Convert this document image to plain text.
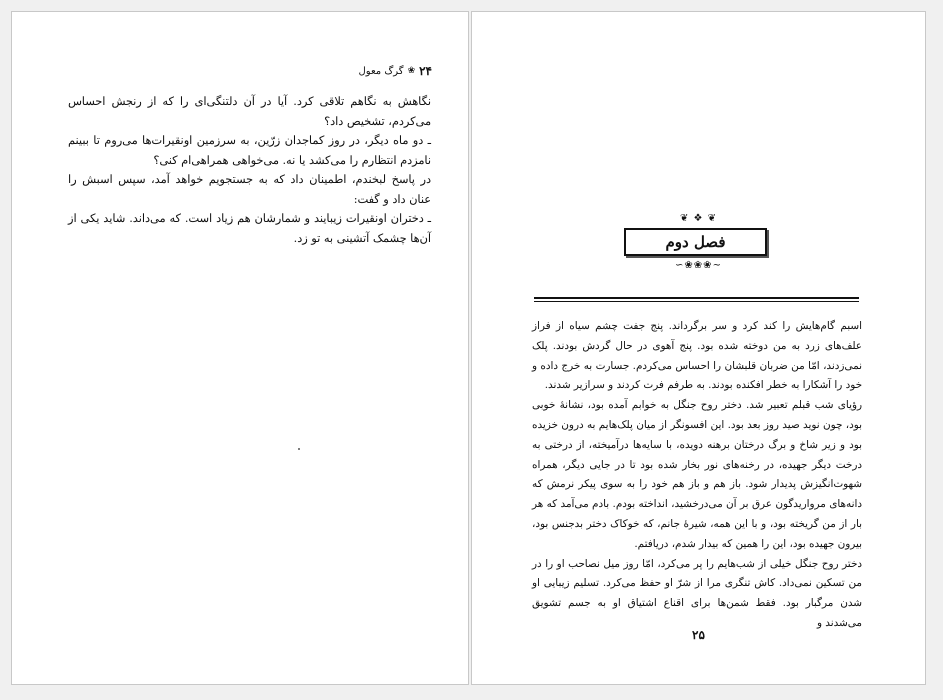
۲۴
❀
گرگ معول

نگاهش به نگاهم تلاقی کرد. آیا در آن دلتنگی‌ای را که از رنجش احساس می‌کردم، تشخیص داد؟

ـ دو ماه دیگر، در روز کماجدان زرّین، به سرزمین اونقیرات‌ها می‌روم تا ببینم نامزدم انتظارم را می‌کشد یا نه. می‌خواهی همراهی‌ام کنی؟

در پاسخ لبخندم، اطمینان داد که به جستجویم خواهد آمد، سپس اسبش را عنان داد و گفت:

ـ دختران اونقیرات زیبایند و شمارشان هم زیاد است. که می‌داند. شاید یکی از آن‌ها چشمک آتشینی به تو زد.

❦ ❖ ❦
فصل دوم
∽❀❀❀∼

اسبم گام‌هایش را کند کرد و سر برگرداند. پنج جفت چشم سیاه از فراز علف‌های زرد به من دوخته شده بود. پنج آهوی در حال گردش بودند. پلک نمی‌زدند، امّا من ضربان قلبشان را احساس می‌کردم. جسارت به خرج داده و خود را آشکارا به خطر افکنده بودند. به طرفم فرت کردند و سرازیر شدند.

رؤیای شب قبلم تعبیر شد. دختر روح جنگل به خوابم آمده بود، نشانهٔ خوبی بود، چون نوید صید روز بعد بود. این افسونگر از میان پلک‌هایم به درون خزیده بود و زیر شاخ و برگ درختان برهنه دویده، با سایه‌ها درآمیخته، از درختی به درخت دیگر جهیده، در رخنه‌های نور بخار شده بود تا در جایی دیگر، همراه شهوت‌انگیزش پدیدار شود. باز هم و باز هم خود را به سوی پیکر نرمش که دانه‌های مروارید‌گون عرق بر آن می‌درخشید، انداخته بودم. بادم می‌آمد که هر بار از من گریخته بود، و با این همه، شیرهٔ جانم، که خوکاک دختر بدجنس بود، بیرون جهیده بود، این را همین که بیدار شدم، دریافتم.

دختر روح جنگل خیلی از شب‌هایم را پر می‌کرد، امّا روز میل نصاحب او را در من تسکین نمی‌داد. کاش تنگری مرا از شرّ او حفظ می‌کرد. تسلیم زیبایی او شدن مرگبار بود. فقط شمن‌ها برای اقناع اشتیاق او به جسم تشویق می‌شدند و

۲۵
